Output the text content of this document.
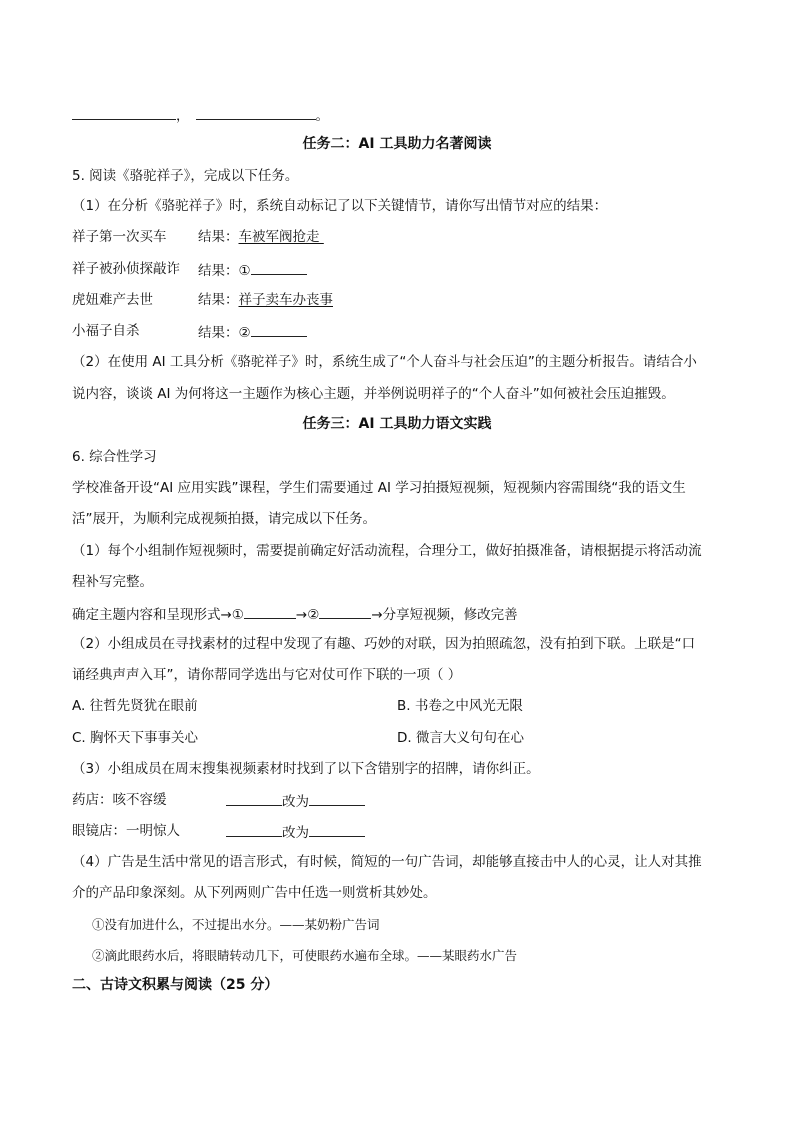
，	。
任务二：AI 工具助力名著阅读
5. 阅读《骆驼祥子》，完成以下任务。
（1）在分析《骆驼祥子》时，系统自动标记了以下关键情节，请你写出情节对应的结果：
祥子第一次买车 结果：车被军阀抢走
祥子被孙侦探敲诈 结果：①
虎妞难产去世	结果：祥子卖车办丧事
小福子自杀	结果：②
（2）在使用 AI 工具分析《骆驼祥子》时，系统生成了“个人奋斗与社会压迫”的主题分析报告。请结合小
说内容，谈谈 AI 为何将这一主题作为核心主题，并举例说明祥子的“个人奋斗”如何被社会压迫摧毁。
任务三：AI 工具助力语文实践
6. 综合性学习
学校准备开设“AI 应用实践”课程，学生们需要通过 AI 学习拍摄短视频，短视频内容需围绕“我的语文生
活”展开，为顺利完成视频拍摄，请完成以下任务。
（1）每个小组制作短视频时，需要提前确定好活动流程，合理分工，做好拍摄准备，请根据提示将活动流
程补写完整。
确定主题内容和呈现形式→①	→②	→分享短视频，修改完善
（2）小组成员在寻找素材的过程中发现了有趣、巧妙的对联，因为拍照疏忽，没有拍到下联。上联是“口
诵经典声声入耳”，请你帮同学选出与它对仗可作下联的一项（ ）
A. 往哲先贤犹在眼前	B. 书卷之中风光无限
C. 胸怀天下事事关心	D. 微言大义句句在心
（3）小组成员在周末搜集视频素材时找到了以下含错别字的招牌，请你纠正。
药店：咳不容缓	改为
眼镜店：一明惊人	改为
（4）广告是生活中常见的语言形式，有时候，简短的一句广告词，却能够直接击中人的心灵，让人对其推
介的产品印象深刻。从下列两则广告中任选一则赏析其妙处。
①没有加进什么，不过提出水分。——某奶粉广告词
②滴此眼药水后，将眼睛转动几下，可使眼药水遍布全球。——某眼药水广告
二、古诗文积累与阅读（25 分）
